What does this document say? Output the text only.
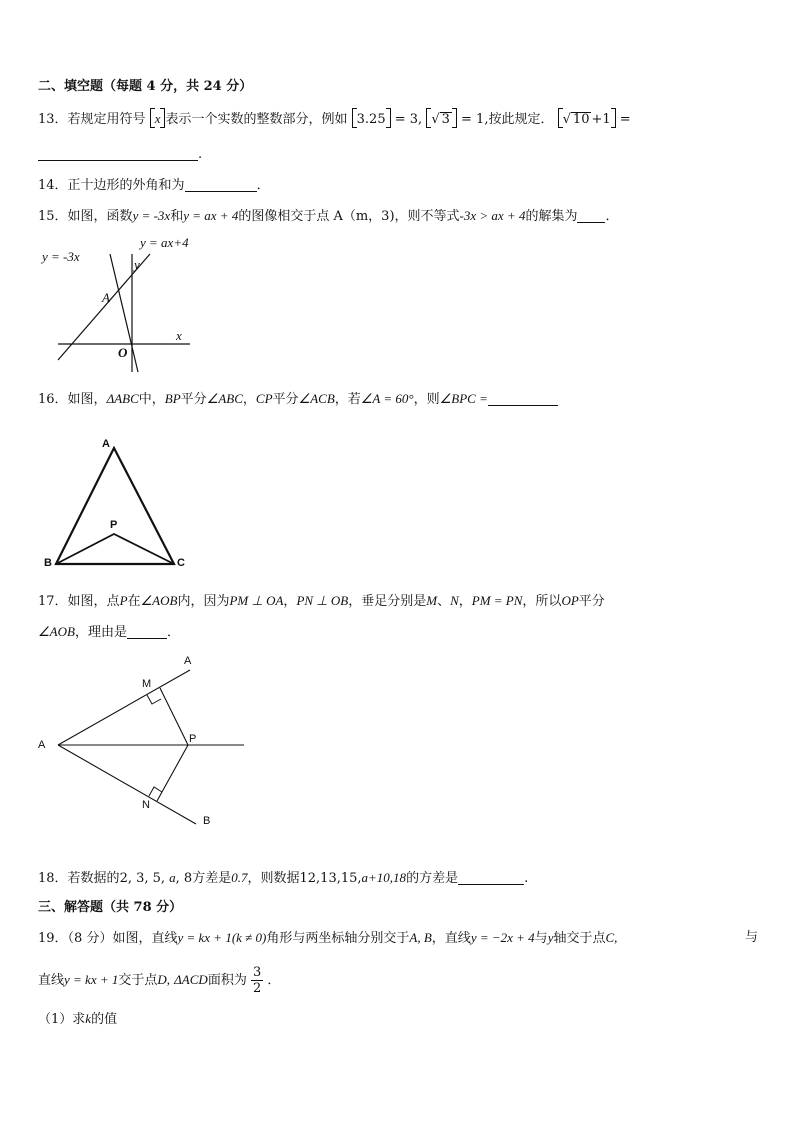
二、填空题（每题 4 分，共 24 分）
13．若规定用符号 x 表示一个实数的整数部分，例如 3.25 = 3, √ 3 = 1,按此规定． √ 10 +1 =
.
14．正十边形的外角和为	．
15．如图，函数y = -3x和y = ax + 4的图像相交于点 A（m，3)，则不等式-3x > ax + 4的解集为 ．
y = -3x
y = ax+4
y
x
A
O
16．如图，ΔABC中，BP平分∠ABC，CP平分∠ACB，若∠A = 60°，则∠BPC =
A
B	C
P
17．如图，点P在∠AOB内，因为PM ⊥ OA，PN ⊥ OB，垂足分别是M、N，PM = PN，所以OP平分
∠AOB，理由是	．
A
A
B
M
N
P
18．若数据的2, 3, 5, a, 8方差是0.7，则数据12,13,15,a+10,18的方差是	.
三、解答题（共 78 分）
19．（8 分）如图，直线y = kx + 1(k ≠ 0)角形与两坐标轴分别交于A, B，直线y = −2x + 4与y轴交于点C,	与
直线y = kx + 1交于点D, ΔACD面积为 $\frac{3}{2}$ ．
（1）求k的值
